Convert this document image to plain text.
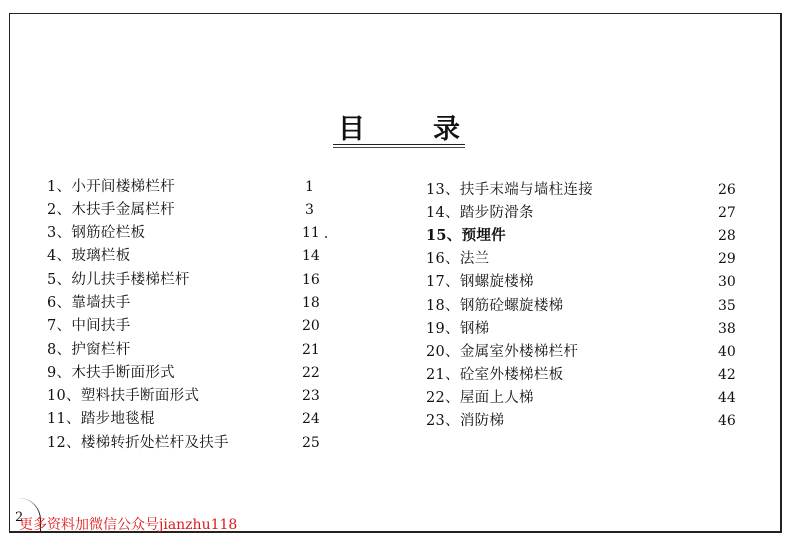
目	录
1、小开间楼梯栏杆	1
2、木扶手金属栏杆	3
3、钢筋砼栏板	11
4、玻璃栏板	14
5、幼儿扶手楼梯栏杆	16
6、靠墙扶手	18
7、中间扶手	20
8、护窗栏杆	21
9、木扶手断面形式	22
10、塑料扶手断面形式	23
11、踏步地毯棍	24
12、楼梯转折处栏杆及扶手	25
13、扶手末端与墙柱连接	26
14、踏步防滑条	27
15、预埋件	28
16、法兰	29
17、钢螺旋楼梯	30
18、钢筋砼螺旋楼梯	35
19、钢梯	38
20、金属室外楼梯栏杆	40
21、砼室外楼梯栏板	42
22、屋面上人梯	44
23、消防梯	46
2
更多资料加微信公众号jianzhu118
